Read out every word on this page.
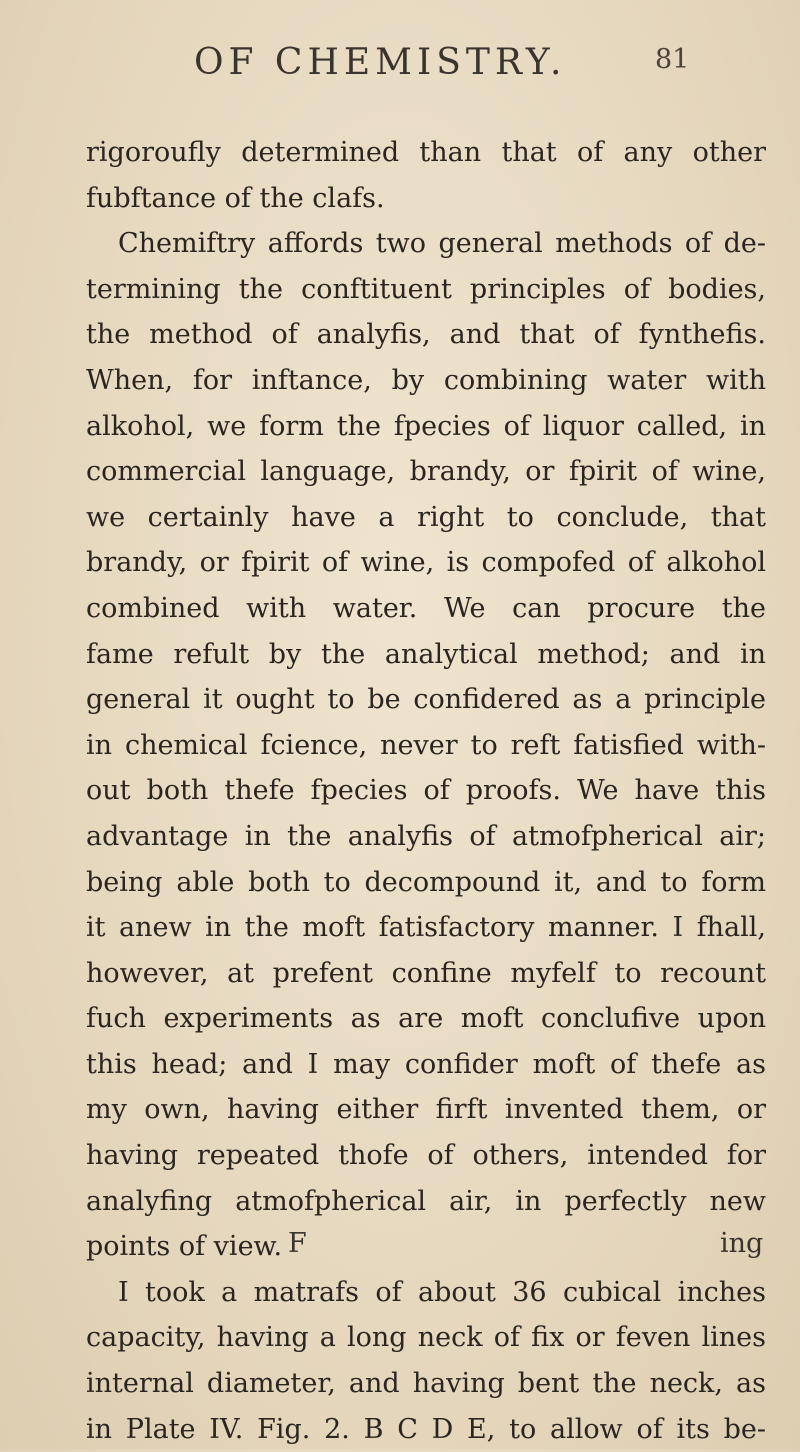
OF CHEMISTRY.	81
rigoroufly determined than that of any other
fubftance of the clafs.
Chemiftry affords two general methods of de-
termining the conftituent principles of bodies,
the method of analyfis, and that of fynthefis.
When, for inftance, by combining water with
alkohol, we form the fpecies of liquor called, in
commercial language, brandy, or fpirit of wine,
we certainly have a right to conclude, that
brandy, or fpirit of wine, is compofed of alkohol
combined with water. We can procure the
fame refult by the analytical method; and in
general it ought to be confidered as a principle
in chemical fcience, never to reft fatisfied with-
out both thefe fpecies of proofs. We have this
advantage in the analyfis of atmofpherical air;
being able both to decompound it, and to form
it anew in the moft fatisfactory manner. I fhall,
however, at prefent confine myfelf to recount
fuch experiments as are moft conclufive upon
this head; and I may confider moft of thefe as
my own, having either firft invented them, or
having repeated thofe of others, intended for
analyfing atmofpherical air, in perfectly new
points of view.
I took a matrafs of about 36 cubical inches
capacity, having a long neck of fix or feven lines
internal diameter, and having bent the neck, as
in Plate IV. Fig. 2. B C D E, to allow of its be-
F	ing
